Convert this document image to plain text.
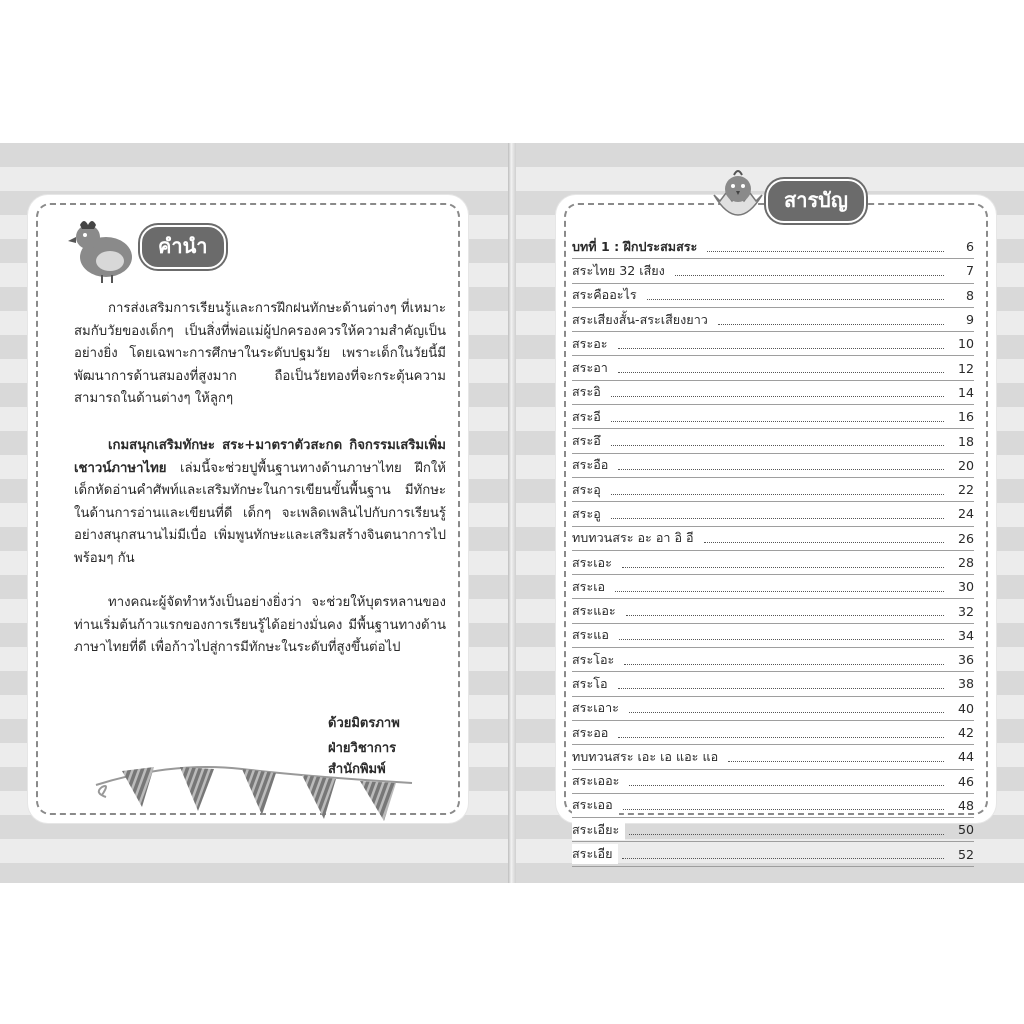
คำนำ

การส่งเสริมการเรียนรู้และการฝึกฝนทักษะด้านต่างๆ ที่เหมาะสมกับวัยของเด็กๆ เป็นสิ่งที่พ่อแม่ผู้ปกครองควรให้ความสำคัญเป็นอย่างยิ่ง โดยเฉพาะการศึกษาในระดับปฐมวัย เพราะเด็กในวัยนี้มีพัฒนาการด้านสมองที่สูงมาก ถือเป็นวัยทองที่จะกระตุ้นความสามารถในด้านต่างๆ ให้ลูกๆ

เกมสนุกเสริมทักษะ สระ+มาตราตัวสะกด กิจกรรมเสริมเพิ่มเชาวน์ภาษาไทย เล่มนี้จะช่วยปูพื้นฐานทางด้านภาษาไทย ฝึกให้เด็กหัดอ่านคำศัพท์และเสริมทักษะในการเขียนขั้นพื้นฐาน มีทักษะในด้านการอ่านและเขียนที่ดี เด็กๆ จะเพลิดเพลินไปกับการเรียนรู้อย่างสนุกสนานไม่มีเบื่อ เพิ่มพูนทักษะและเสริมสร้างจินตนาการไปพร้อมๆ กัน

ทางคณะผู้จัดทำหวังเป็นอย่างยิ่งว่า จะช่วยให้บุตรหลานของท่านเริ่มต้นก้าวแรกของการเรียนรู้ได้อย่างมั่นคง มีพื้นฐานทางด้านภาษาไทยที่ดี เพื่อก้าวไปสู่การมีทักษะในระดับที่สูงขึ้นต่อไป

ด้วยมิตรภาพ
ฝ่ายวิชาการสำนักพิมพ์
สารบัญ
บทที่ 1 : ฝึกประสมสระ	6
สระไทย 32 เสียง	7
สระคืออะไร	8
สระเสียงสั้น-สระเสียงยาว	9
สระอะ	10
สระอา	12
สระอิ	14
สระอี	16
สระอึ	18
สระอือ	20
สระอุ	22
สระอู	24
ทบทวนสระ อะ อา อิ อี	26
สระเอะ	28
สระเอ	30
สระแอะ	32
สระแอ	34
สระโอะ	36
สระโอ	38
สระเอาะ	40
สระออ	42
ทบทวนสระ เอะ เอ แอะ แอ	44
สระเออะ	46
สระเออ	48
สระเอียะ	50
สระเอีย	52
